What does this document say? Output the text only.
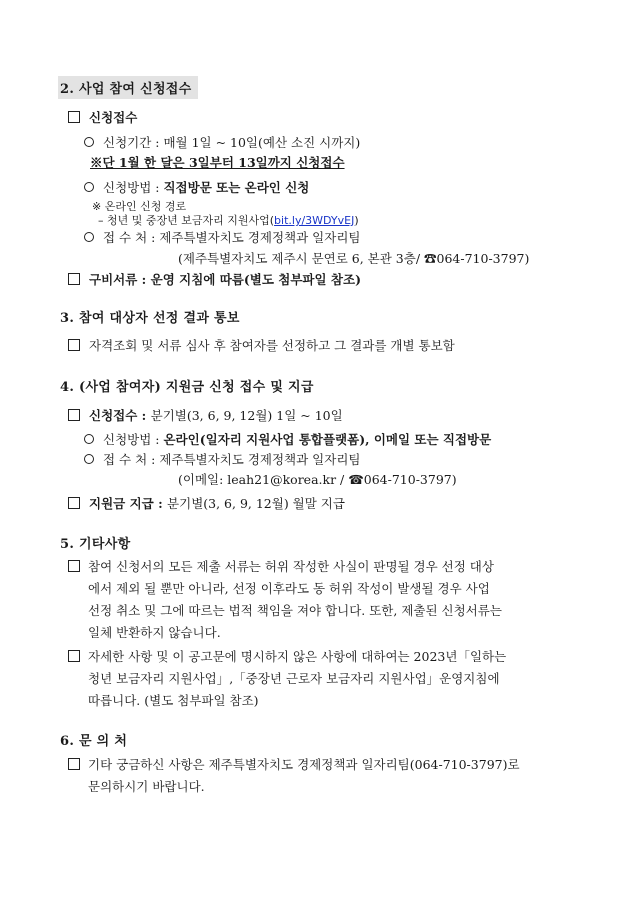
2. 사업 참여 신청접수
신청접수
신청기간 : 매월 1일 ~ 10일(예산 소진 시까지)
※단 1월 한 달은 3일부터 13일까지 신청접수
신청방법 : 직접방문 또는 온라인 신청
※ 온라인 신청 경로
– 청년 및 중장년 보금자리 지원사업(bit.ly/3WDYvEJ)
접 수 처 : 제주특별자치도 경제정책과 일자리팀
(제주특별자치도 제주시 문연로 6, 본관 3층/ ☎064-710-3797)
구비서류 : 운영 지침에 따름(별도 첨부파일 참조)
3. 참여 대상자 선정 결과 통보
자격조회 및 서류 심사 후 참여자를 선정하고 그 결과를 개별 통보함
4. (사업 참여자) 지원금 신청 접수 및 지급
신청접수 : 분기별(3, 6, 9, 12월) 1일 ~ 10일
신청방법 : 온라인(일자리 지원사업 통합플랫폼), 이메일 또는 직접방문
접 수 처 : 제주특별자치도 경제정책과 일자리팀
(이메일: leah21@korea.kr / ☎064-710-3797)
지원금 지급 : 분기별(3, 6, 9, 12월) 월말 지급
5. 기타사항
참여 신청서의 모든 제출 서류는 허위 작성한 사실이 판명될 경우 선정 대상
에서 제외 될 뿐만 아니라, 선정 이후라도 동 허위 작성이 발생될 경우 사업
선정 취소 및 그에 따르는 법적 책임을 져야 합니다. 또한, 제출된 신청서류는
일체 반환하지 않습니다.
자세한 사항 및 이 공고문에 명시하지 않은 사항에 대하여는 2023년「일하는
청년 보금자리 지원사업」,「중장년 근로자 보금자리 지원사업」운영지침에
따릅니다. (별도 첨부파일 참조)
6. 문 의 처
기타 궁금하신 사항은 제주특별자치도 경제정책과 일자리팀(064-710-3797)로
문의하시기 바랍니다.
